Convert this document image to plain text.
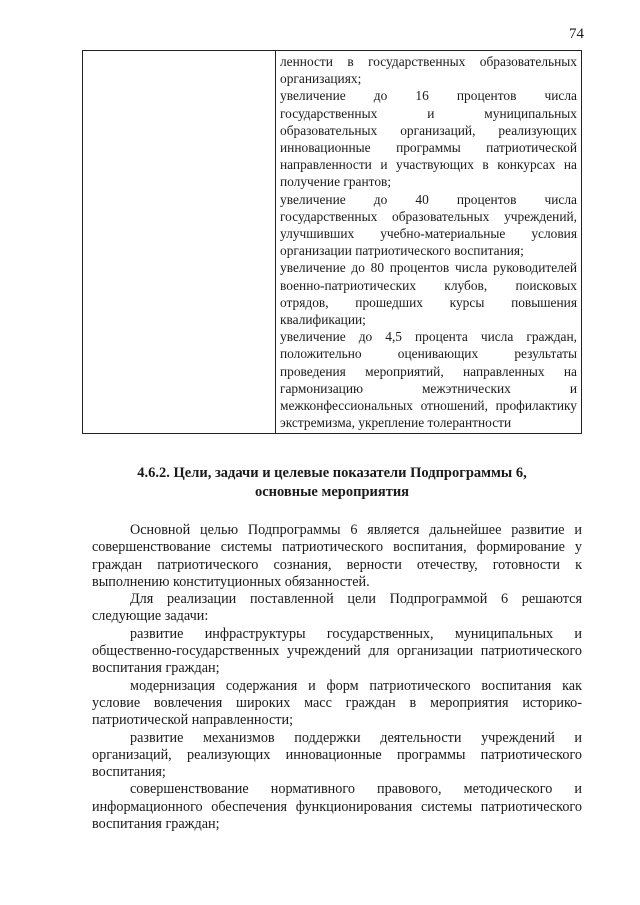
74

ленности в государственных образовательных организациях;

увеличение до 16 процентов числа государственных и муниципальных образовательных организаций, реализующих инновационные программы патриотической направленности и участвующих в конкурсах на получение грантов;

увеличение до 40 процентов числа государственных образовательных учреждений, улучшивших учебно-материальные условия организации патриотического воспитания;

увеличение до 80 процентов числа руководителей военно-патриотических клубов, поисковых отрядов, прошедших курсы повышения квалификации;

увеличение до 4,5 процента числа граждан, положительно оценивающих результаты проведения мероприятий, направленных на гармонизацию межэтнических и межконфессиональных отношений, профилактику экстремизма, укрепление толерантности

4.6.2. Цели, задачи и целевые показатели Подпрограммы 6,
основные мероприятия

Основной целью Подпрограммы 6 является дальнейшее развитие и совершенствование системы патриотического воспитания, формирование у граждан патриотического сознания, верности отечеству, готовности к выполнению конституционных обязанностей.

Для реализации поставленной цели Подпрограммой 6 решаются следующие задачи:

развитие инфраструктуры государственных, муниципальных и общественно-государственных учреждений для организации патриотического воспитания граждан;

модернизация содержания и форм патриотического воспитания как условие вовлечения широких масс граждан в мероприятия историко-патриотической направленности;

развитие механизмов поддержки деятельности учреждений и организаций, реализующих инновационные программы патриотического воспитания;

совершенствование нормативного правового, методического и информационного обеспечения функционирования системы патриотического воспитания граждан;
